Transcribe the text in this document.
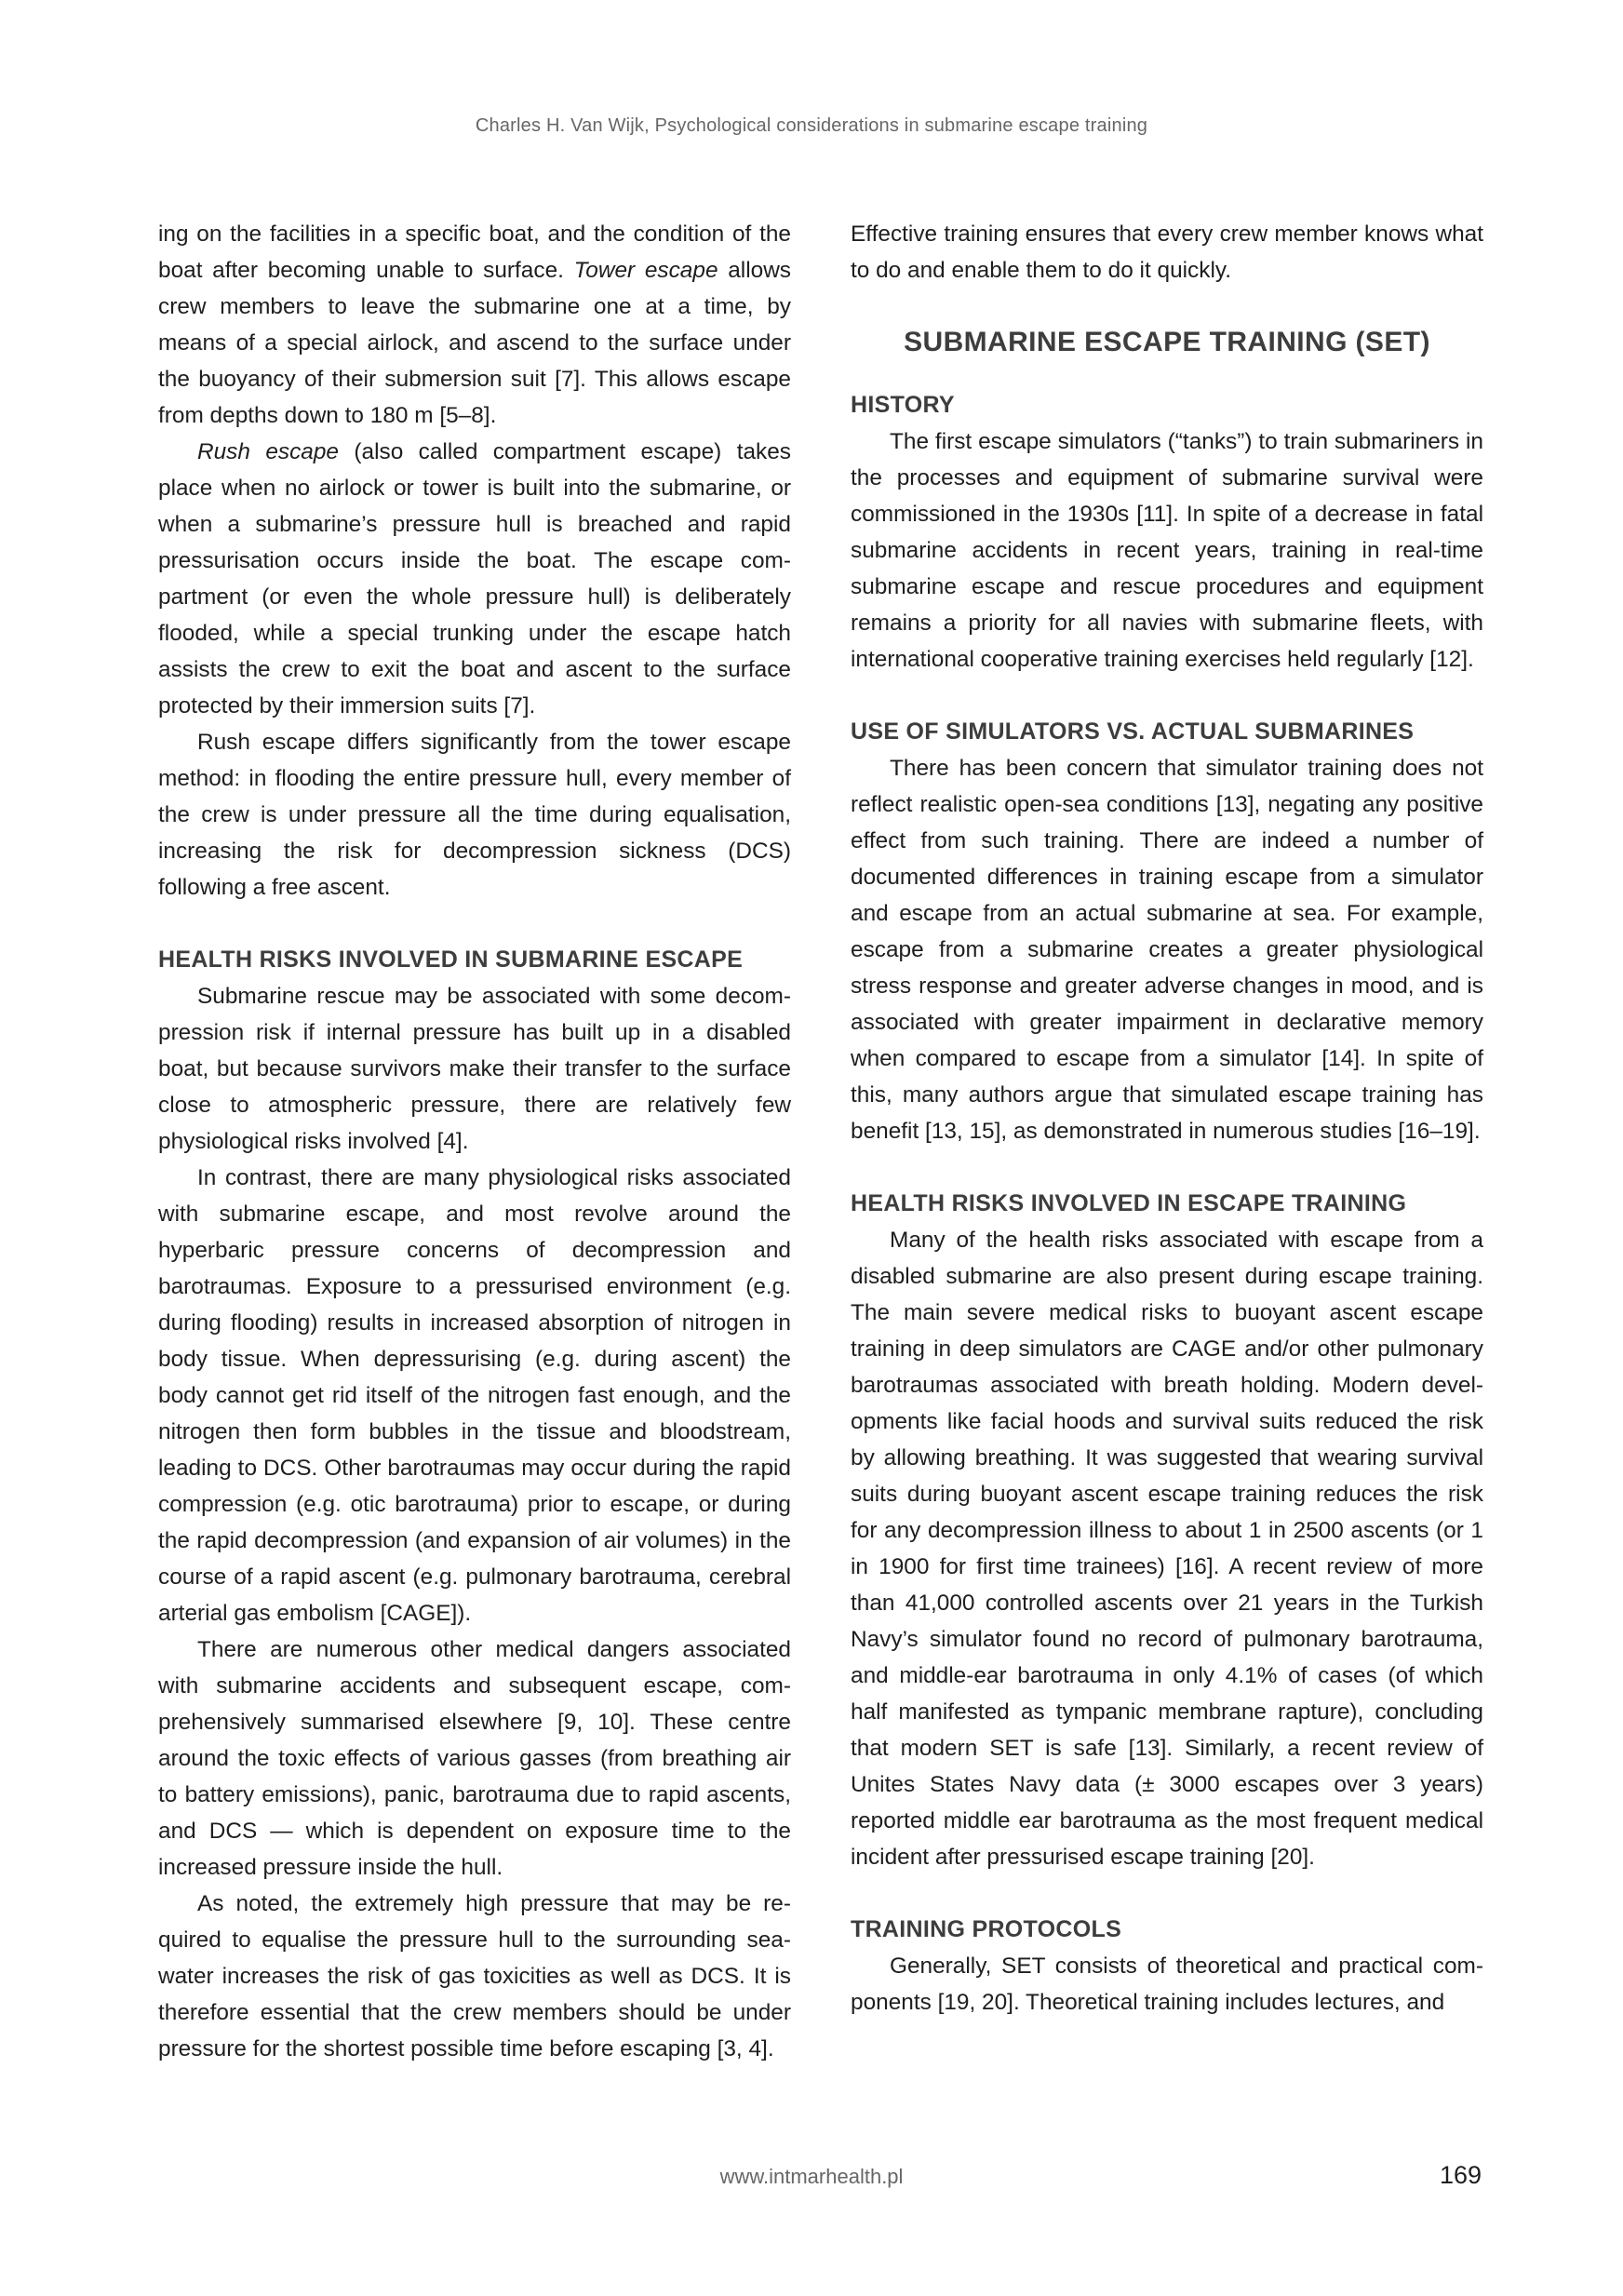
Charles H. Van Wijk, Psychological considerations in submarine escape training

ing on the facilities in a specific boat, and the condition of the boat after becoming unable to surface. Tower escape allows crew members to leave the submarine one at a time, by means of a special airlock, and ascend to the surface under the buoyancy of their submersion suit [7]. This allows escape from depths down to 180 m [5–8].

Rush escape (also called compartment escape) takes place when no airlock or tower is built into the submarine, or when a submarine’s pressure hull is breached and rapid pressurisation occurs inside the boat. The escape compartment (or even the whole pressure hull) is deliberately flooded, while a special trunking under the escape hatch assists the crew to exit the boat and ascent to the surface protected by their immersion suits [7].

Rush escape differs significantly from the tower escape method: in flooding the entire pressure hull, every member of the crew is under pressure all the time during equalisation, increasing the risk for decompression sickness (DCS) following a free ascent.

HEALTH RISKS INVOLVED IN SUBMARINE ESCAPE

Submarine rescue may be associated with some decompression risk if internal pressure has built up in a disabled boat, but because survivors make their transfer to the surface close to atmospheric pressure, there are relatively few physiological risks involved [4].

In contrast, there are many physiological risks associated with submarine escape, and most revolve around the hyperbaric pressure concerns of decompression and barotraumas. Exposure to a pressurised environment (e.g. during flooding) results in increased absorption of nitrogen in body tissue. When depressurising (e.g. during ascent) the body cannot get rid itself of the nitrogen fast enough, and the nitrogen then form bubbles in the tissue and bloodstream, leading to DCS. Other barotraumas may occur during the rapid compression (e.g. otic barotrauma) prior to escape, or during the rapid decompression (and expansion of air volumes) in the course of a rapid ascent (e.g. pulmonary barotrauma, cerebral arterial gas embolism [CAGE]).

There are numerous other medical dangers associated with submarine accidents and subsequent escape, comprehensively summarised elsewhere [9, 10]. These centre around the toxic effects of various gasses (from breathing air to battery emissions), panic, barotrauma due to rapid ascents, and DCS — which is dependent on exposure time to the increased pressure inside the hull.

As noted, the extremely high pressure that may be required to equalise the pressure hull to the surrounding seawater increases the risk of gas toxicities as well as DCS. It is therefore essential that the crew members should be under pressure for the shortest possible time before escaping [3, 4].

Effective training ensures that every crew member knows what to do and enable them to do it quickly.

SUBMARINE ESCAPE TRAINING (SET)
HISTORY

The first escape simulators (“tanks”) to train submariners in the processes and equipment of submarine survival were commissioned in the 1930s [11]. In spite of a decrease in fatal submarine accidents in recent years, training in real-time submarine escape and rescue procedures and equipment remains a priority for all navies with submarine fleets, with international cooperative training exercises held regularly [12].

USE OF SIMULATORS VS. ACTUAL SUBMARINES

There has been concern that simulator training does not reflect realistic open-sea conditions [13], negating any positive effect from such training. There are indeed a number of documented differences in training escape from a simulator and escape from an actual submarine at sea. For example, escape from a submarine creates a greater physiological stress response and greater adverse changes in mood, and is associated with greater impairment in declarative memory when compared to escape from a simulator [14]. In spite of this, many authors argue that simulated escape training has benefit [13, 15], as demonstrated in numerous studies [16–19].

HEALTH RISKS INVOLVED IN ESCAPE TRAINING

Many of the health risks associated with escape from a disabled submarine are also present during escape training. The main severe medical risks to buoyant ascent escape training in deep simulators are CAGE and/or other pulmonary barotraumas associated with breath holding. Modern developments like facial hoods and survival suits reduced the risk by allowing breathing. It was suggested that wearing survival suits during buoyant ascent escape training reduces the risk for any decompression illness to about 1 in 2500 ascents (or 1 in 1900 for first time trainees) [16]. A recent review of more than 41,000 controlled ascents over 21 years in the Turkish Navy’s simulator found no record of pulmonary barotrauma, and middle-ear barotrauma in only 4.1% of cases (of which half manifested as tympanic membrane rapture), concluding that modern SET is safe [13]. Similarly, a recent review of Unites States Navy data (± 3000 escapes over 3 years) reported middle ear barotrauma as the most frequent medical incident after pressurised escape training [20].

TRAINING PROTOCOLS

Generally, SET consists of theoretical and practical components [19, 20]. Theoretical training includes lectures, and

www.intmarhealth.pl	169
